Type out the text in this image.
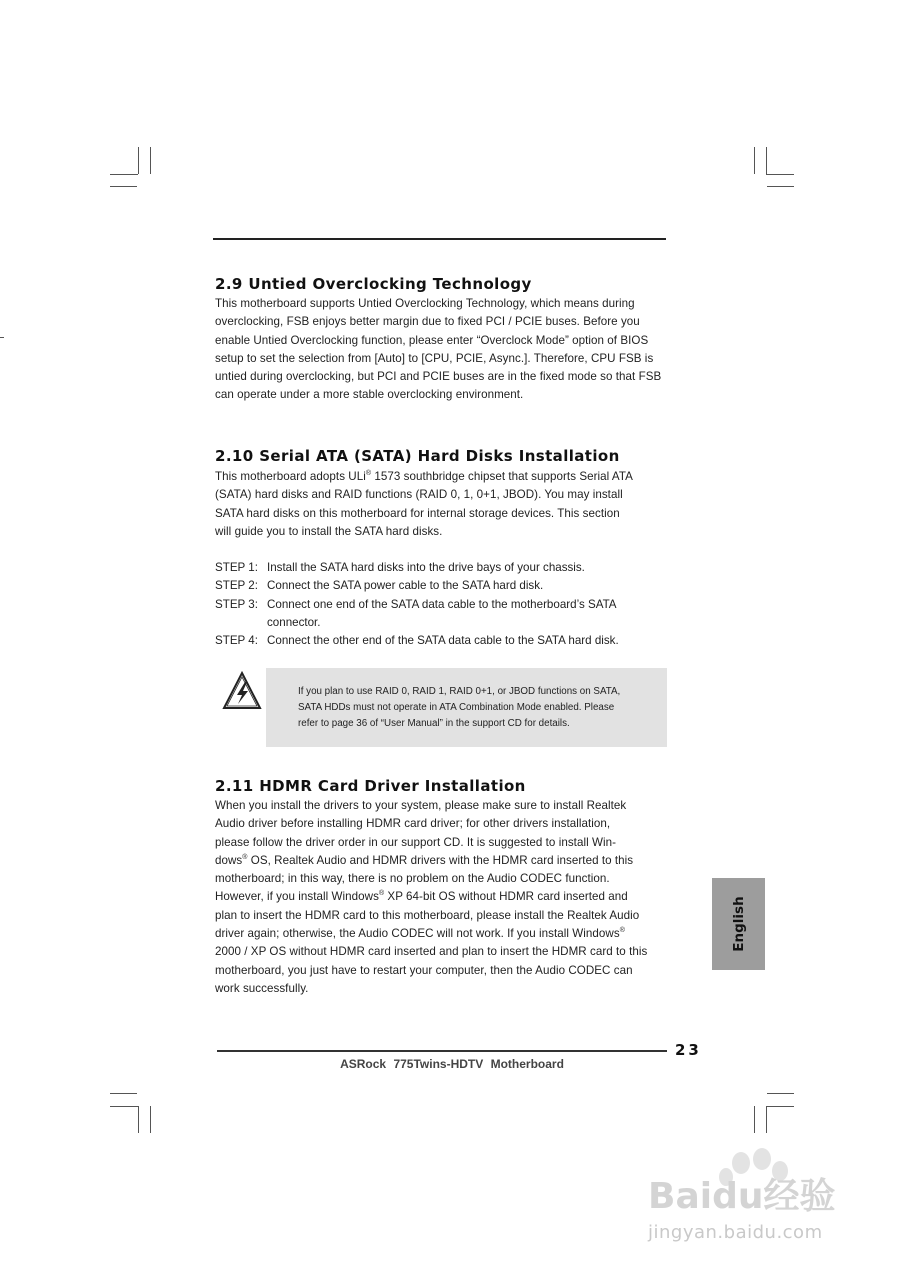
2.9 Untied Overclocking Technology

This motherboard supports Untied Overclocking Technology, which means during

overclocking, FSB enjoys better margin due to fixed PCI / PCIE buses. Before you

enable Untied Overclocking function, please enter “Overclock Mode” option of BIOS

setup to set the selection from [Auto] to [CPU, PCIE, Async.]. Therefore, CPU FSB is

untied during overclocking, but PCI and PCIE buses are in the fixed mode so that FSB

can operate under a more stable overclocking environment.

2.10 Serial ATA (SATA) Hard Disks Installation

This motherboard adopts ULi® 1573 southbridge chipset that supports Serial ATA

(SATA) hard disks and RAID functions (RAID 0, 1, 0+1, JBOD). You may install

SATA hard disks on this motherboard for internal storage devices. This section

will guide you to install the SATA hard disks.

STEP 1: Install the SATA hard disks into the drive bays of your chassis.
STEP 2: Connect the SATA power cable to the SATA hard disk.
STEP 3: Connect one end of the SATA data cable to the motherboard’s SATA
connector.
STEP 4: Connect the other end of the SATA data cable to the SATA hard disk.

If you plan to use RAID 0, RAID 1, RAID 0+1, or JBOD functions on SATA,

SATA HDDs must not operate in ATA Combination Mode enabled. Please

refer to page 36 of “User Manual” in the support CD for details.

2.11 HDMR Card Driver Installation

When you install the drivers to your system, please make sure to install Realtek

Audio driver before installing HDMR card driver; for other drivers installation,

please follow the driver order in our support CD. It is suggested to install Win-

dows® OS, Realtek Audio and HDMR drivers with the HDMR card inserted to this

motherboard; in this way, there is no problem on the Audio CODEC function.

However, if you install Windows® XP 64-bit OS without HDMR card inserted and

plan to insert the HDMR card to this motherboard, please install the Realtek Audio

driver again; otherwise, the Audio CODEC will not work. If you install Windows®

2000 / XP OS without HDMR card inserted and plan to insert the HDMR card to this

motherboard, you just have to restart your computer, then the Audio CODEC can

work successfully.

English
23
ASRock 775Twins-HDTV Motherboard
Baidu经验
jingyan.baidu.com
